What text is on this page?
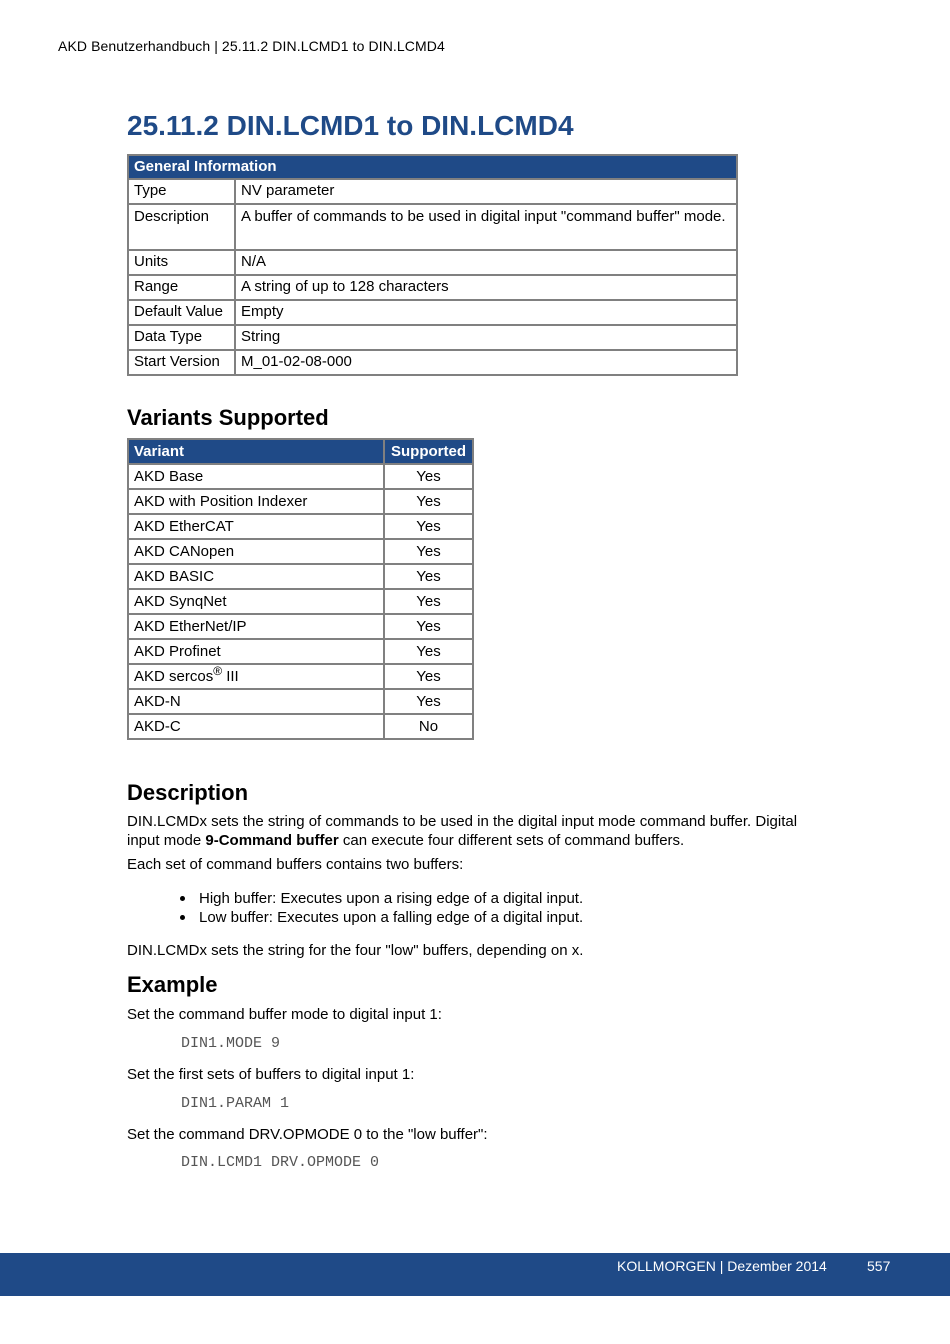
AKD Benutzerhandbuch | 25.11.2 DIN.LCMD1 to DIN.LCMD4
25.11.2 DIN.LCMD1 to DIN.LCMD4
General Information	
Type	NV parameter
Description	A buffer of commands to be used in digital input "command buffer" mode.
Units	N/A
Range	A string of up to 128 characters
Default Value	Empty
Data Type	String
Start Version	M_01-02-08-000
Variants Supported
Variant	Supported
AKD Base	Yes
AKD with Position Indexer	Yes
AKD EtherCAT	Yes
AKD CANopen	Yes
AKD BASIC	Yes
AKD SynqNet	Yes
AKD EtherNet/IP	Yes
AKD Profinet	Yes
AKD sercos® III	Yes
AKD-N	Yes
AKD-C	No
Description

DIN.LCMDx sets the string of commands to be used in the digital input mode command buffer. Digital input mode 9-Command buffer can execute four different sets of command buffers.

Each set of command buffers contains two buffers:

High buffer: Executes upon a rising edge of a digital input.
Low buffer: Executes upon a falling edge of a digital input.

DIN.LCMDx sets the string for the four "low" buffers, depending on x.

Example

Set the command buffer mode to digital input 1:

DIN1.MODE 9

Set the first sets of buffers to digital input 1:

DIN1.PARAM 1

Set the command DRV.OPMODE 0 to the "low buffer":

DIN.LCMD1 DRV.OPMODE 0
KOLLMORGEN | Dezember 2014	557
